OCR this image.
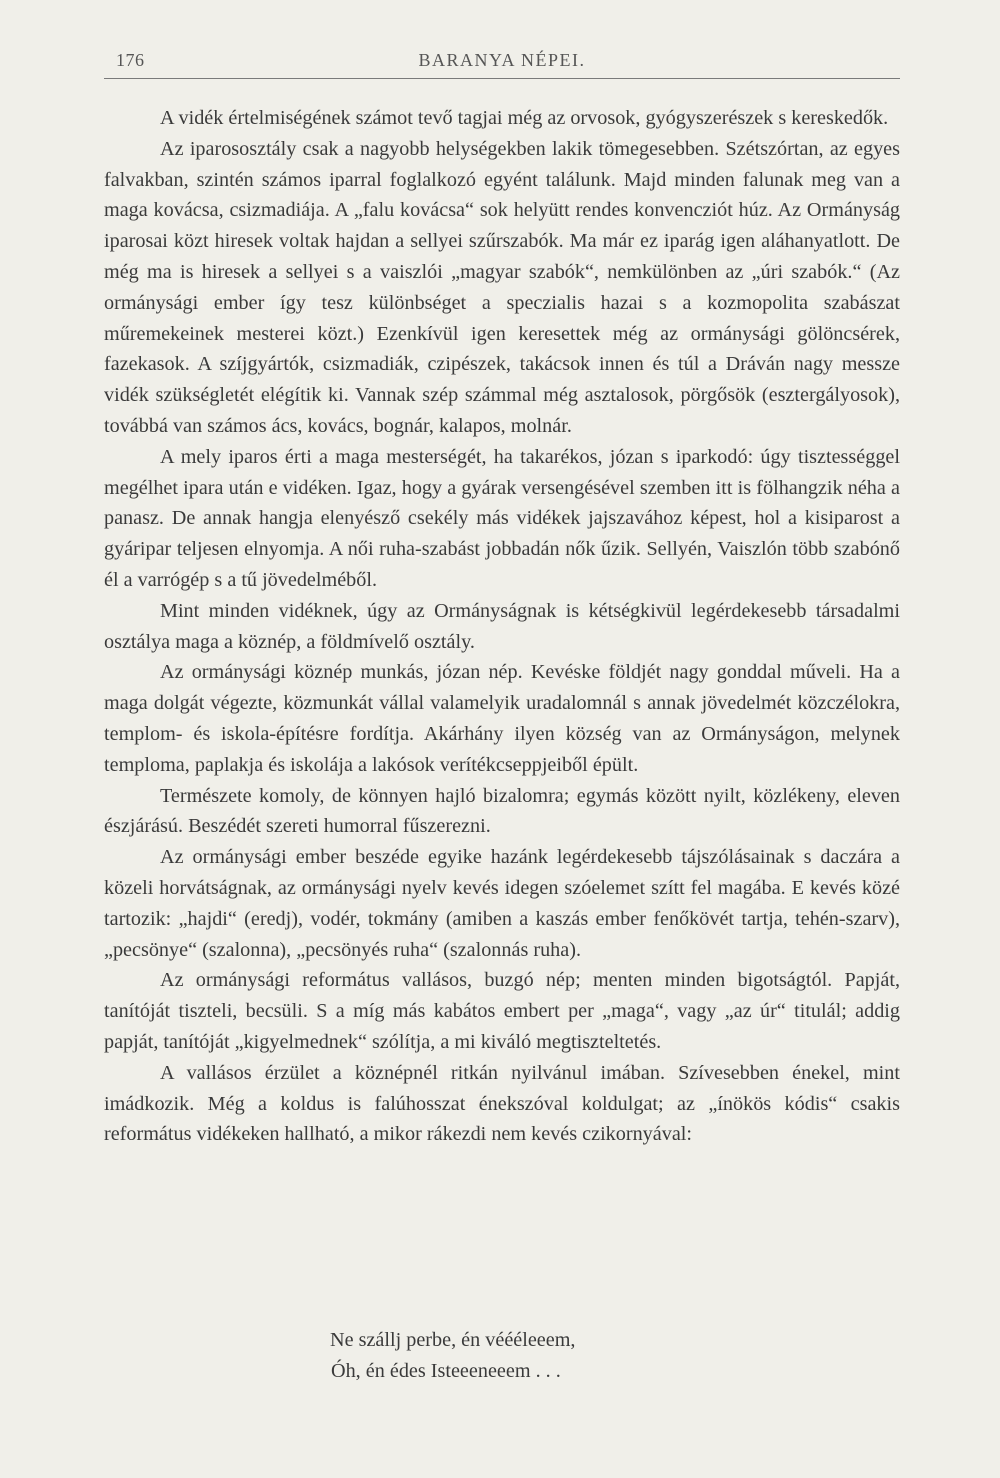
176	BARANYA NÉPEI.

A vidék értelmiségének számot tevő tagjai még az orvosok, gyógyszerészek s kereskedők.

Az iparososztály csak a nagyobb helységekben lakik tömegesebben. Szétszórtan, az egyes falvakban, szintén számos iparral foglalkozó egyént találunk. Majd minden falunak meg van a maga kovácsa, csizmadiája. A „falu kovácsa“ sok helyütt rendes konvencziót húz. Az Ormányság iparosai közt hiresek voltak hajdan a sellyei szűrszabók. Ma már ez iparág igen aláhanyatlott. De még ma is hiresek a sellyei s a vaiszlói „magyar szabók“, nemkülönben az „úri szabók.“ (Az ormánysági ember így tesz különbséget a speczialis hazai s a kozmopolita szabászat műremekeinek mesterei közt.) Ezenkívül igen keresettek még az ormánysági gölöncsérek, fazekasok. A szíjgyártók, csizmadiák, czipészek, takácsok innen és túl a Dráván nagy messze vidék szükségletét elégítik ki. Vannak szép számmal még asztalosok, pörgősök (esztergályosok), továbbá van számos ács, kovács, bognár, kalapos, molnár.

A mely iparos érti a maga mesterségét, ha takarékos, józan s iparkodó: úgy tisztességgel megélhet ipara után e vidéken. Igaz, hogy a gyárak versengésével szemben itt is fölhangzik néha a panasz. De annak hangja elenyésző csekély más vidékek jajszavához képest, hol a kisiparost a gyáripar teljesen elnyomja. A női ruha-szabást jobbadán nők űzik. Sellyén, Vaiszlón több szabónő él a varrógép s a tű jövedelméből.

Mint minden vidéknek, úgy az Ormányságnak is kétségkivül legérdekesebb társadalmi osztálya maga a köznép, a földmívelő osztály.

Az ormánysági köznép munkás, józan nép. Kevéske földjét nagy gonddal műveli. Ha a maga dolgát végezte, közmunkát vállal valamelyik uradalomnál s annak jövedelmét közczélokra, templom- és iskola-építésre fordítja. Akárhány ilyen község van az Ormányságon, melynek temploma, paplakja és iskolája a lakósok verítékcseppjeiből épült.

Természete komoly, de könnyen hajló bizalomra; egymás között nyilt, közlékeny, eleven észjárású. Beszédét szereti humorral fűszerezni.

Az ormánysági ember beszéde egyike hazánk legérdekesebb tájszólásainak s daczára a közeli horvátságnak, az ormánysági nyelv kevés idegen szóelemet szítt fel magába. E kevés közé tartozik: „hajdi“ (eredj), vodér, tokmány (amiben a kaszás ember fenőkövét tartja, tehén-szarv), „pecsönye“ (szalonna), „pecsönyés ruha“ (szalonnás ruha).

Az ormánysági református vallásos, buzgó nép; menten minden bigotságtól. Papját, tanítóját tiszteli, becsüli. S a míg más kabátos embert per „maga“, vagy „az úr“ titulál; addig papját, tanítóját „kigyelmednek“ szólítja, a mi kiváló megtiszteltetés.

A vallásos érzület a köznépnél ritkán nyilvánul imában. Szívesebben énekel, mint imádkozik. Még a koldus is falúhosszat énekszóval koldulgat; az „ínökös kódis“ csakis református vidékeken hallható, a mikor rákezdi nem kevés czikornyával:

Ne szállj perbe, én vééélееem,
Óh, én édes Isteeeneeem . . .
